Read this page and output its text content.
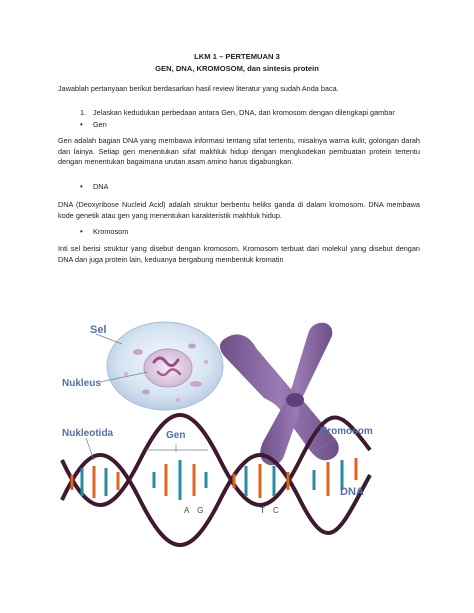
LKM 1 – PERTEMUAN 3
GEN, DNA, KROMOSOM, dan sintesis protein
Jawablah pertanyaan berikut berdasarkan hasil review literatur yang sudah Anda baca.
1. Jelaskan kedudukan perbedaan antara Gen, DNA, dan kromosom dengan dilengkapi gambar
• Gen
Gen adalah bagian DNA yang membawa informasi tentang sifat tertentu, misalnya warna kulit, golongan darah dan lainya. Setiap gen menentukan sifat makhluk hidup dengan mengkodekan pembuatan protein tertentu dengan menentukan bagaimana urutan asam amino harus digabungkan.
• DNA
DNA (Deoxyribose Nucleid Acid) adalah struktur berbentu heliks ganda di dalam kromosom. DNA membawa kode genetik atau gen yang menentukan karakteristik makhluk hidup.
• Kromosom
Inti sel berisi struktur yang disebut dengan kromosom. Kromosom terbuat dari molekul yang disebut dengan DNA dan juga protein lain, keduanya bergabung membentuk kromatin
Sel
Nukleus
Kromosom
Nukleotida	Gen
DNA
A G	T C
